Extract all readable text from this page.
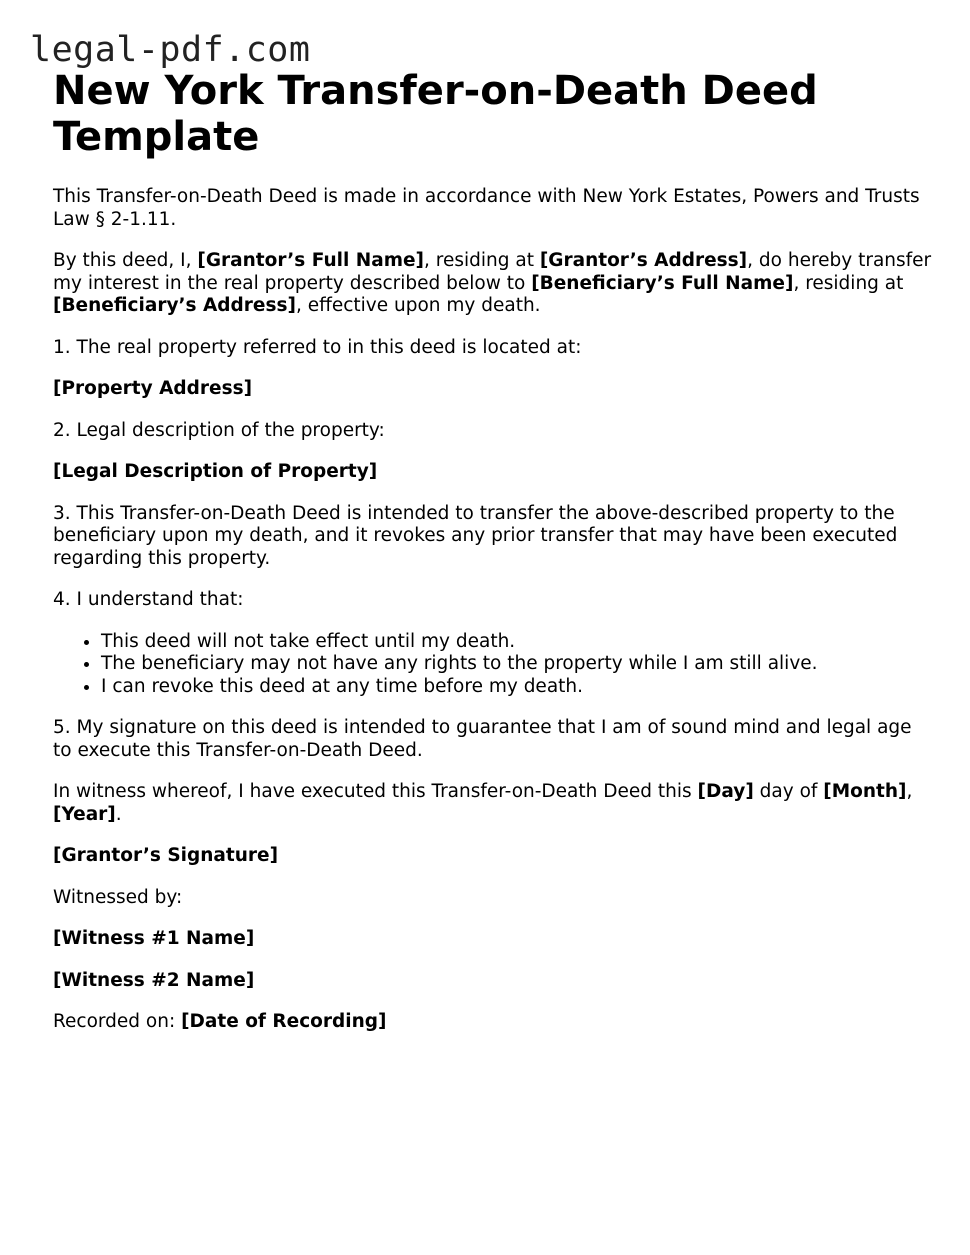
legal-pdf.com
New York Transfer-on-Death Deed Template

This Transfer-on-Death Deed is made in accordance with New York Estates, Powers and Trusts Law § 2-1.11.

By this deed, I, [Grantor’s Full Name], residing at [Grantor’s Address], do hereby transfer my interest in the real property described below to [Beneficiary’s Full Name], residing at [Beneficiary’s Address], effective upon my death.

1. The real property referred to in this deed is located at:

[Property Address]

2. Legal description of the property:

[Legal Description of Property]

3. This Transfer-on-Death Deed is intended to transfer the above-described property to the beneficiary upon my death, and it revokes any prior transfer that may have been executed regarding this property.

4. I understand that:

• This deed will not take effect until my death.
• The beneficiary may not have any rights to the property while I am still alive.
• I can revoke this deed at any time before my death.

5. My signature on this deed is intended to guarantee that I am of sound mind and legal age to execute this Transfer-on-Death Deed.

In witness whereof, I have executed this Transfer-on-Death Deed this [Day] day of [Month], [Year].

[Grantor’s Signature]

Witnessed by:

[Witness #1 Name]

[Witness #2 Name]

Recorded on: [Date of Recording]
